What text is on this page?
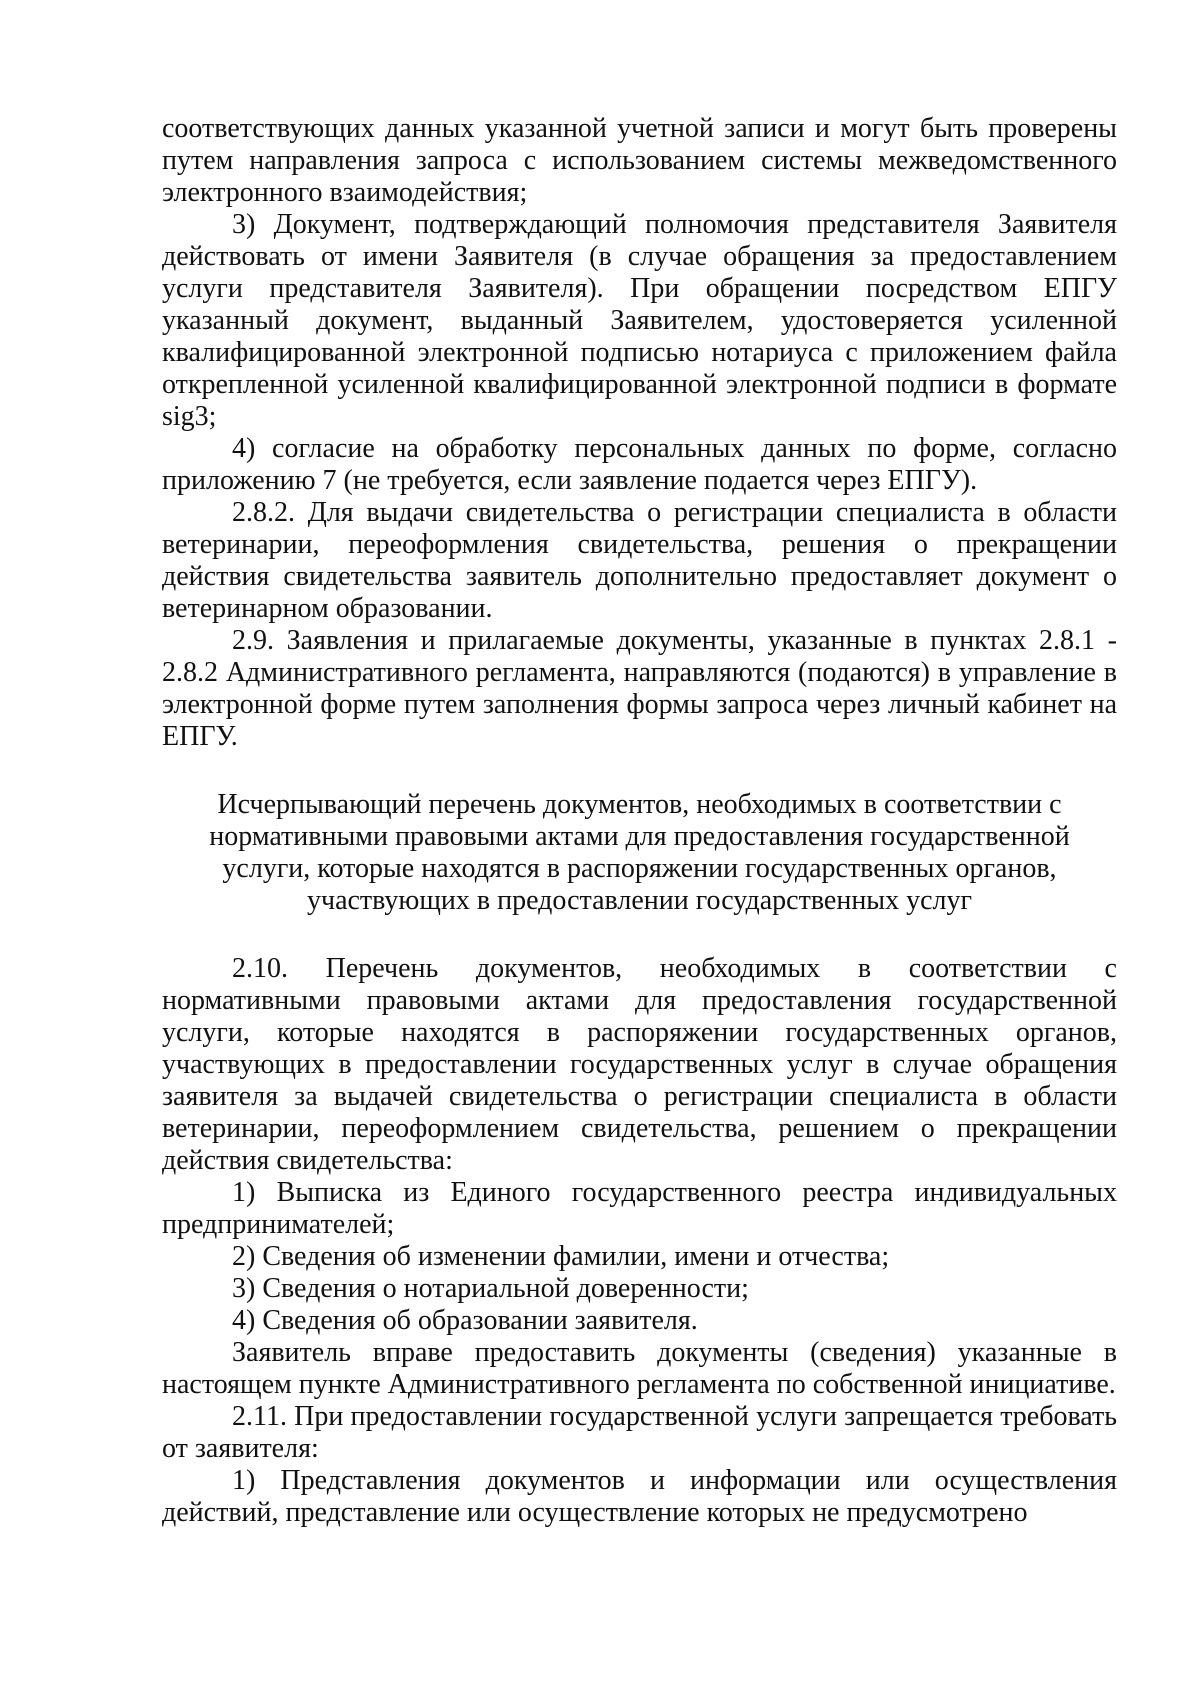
соответствующих данных указанной учетной записи и могут быть проверены путем направления запроса с использованием системы межведомственного электронного взаимодействия;

3) Документ, подтверждающий полномочия представителя Заявителя действовать от имени Заявителя (в случае обращения за предоставлением услуги представителя Заявителя). При обращении посредством ЕПГУ указанный документ, выданный Заявителем, удостоверяется усиленной квалифицированной электронной подписью нотариуса с приложением файла открепленной усиленной квалифицированной электронной подписи в формате sig3;

4) согласие на обработку персональных данных по форме, согласно приложению 7 (не требуется, если заявление подается через ЕПГУ).

2.8.2. Для выдачи свидетельства о регистрации специалиста в области ветеринарии, переоформления свидетельства, решения о прекращении действия свидетельства заявитель дополнительно предоставляет документ о ветеринарном образовании.

2.9. Заявления и прилагаемые документы, указанные в пунктах 2.8.1 - 2.8.2 Административного регламента, направляются (подаются) в управление в электронной форме путем заполнения формы запроса через личный кабинет на ЕПГУ.

Исчерпывающий перечень документов, необходимых в соответствии с нормативными правовыми актами для предоставления государственной услуги, которые находятся в распоряжении государственных органов, участвующих в предоставлении государственных услуг

2.10. Перечень документов, необходимых в соответствии с нормативными правовыми актами для предоставления государственной услуги, которые находятся в распоряжении государственных органов, участвующих в предоставлении государственных услуг в случае обращения заявителя за выдачей свидетельства о регистрации специалиста в области ветеринарии, переоформлением свидетельства, решением о прекращении действия свидетельства:

1) Выписка из Единого государственного реестра индивидуальных предпринимателей;

2) Сведения об изменении фамилии, имени и отчества;

3) Сведения о нотариальной доверенности;

4) Сведения об образовании заявителя.

Заявитель вправе предоставить документы (сведения) указанные в настоящем пункте Административного регламента по собственной инициативе.

2.11. При предоставлении государственной услуги запрещается требовать от заявителя:

1) Представления документов и информации или осуществления действий, представление или осуществление которых не предусмотрено
